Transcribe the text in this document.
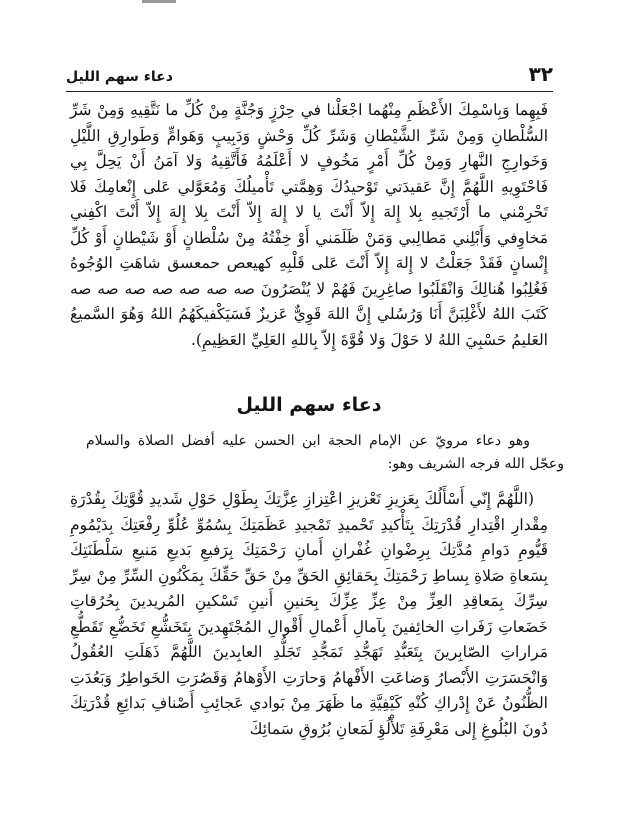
٣٢
دعاء سهم الليل
فَبِهِما وَبِاسْمِكَ الأَعْظَمِ مِنْهُما اجْعَلْنا في حِرْزٍ وَجُنَّةٍ مِنْ كُلِّ ما نَتَّقِيهِ وَمِنْ شَرِّ السُّلْطانِ وَمِنْ شَرِّ الشَّيْطانِ وَشَرِّ كُلِّ وَحْشٍ وَدَبِيبٍ وَهَوامٍّ وَطَوارِقِ اللَّيْلِ وَخَوارِجِ النَّهارِ وَمِنْ كُلِّ أَمْرٍ مَخُوفٍ لا أَعْلَمُهُ فَأَتَّقِيهُ وَلا آمَنُ أَنْ يَحِلَّ بِي فَاحْتَوِيهِ اللَّهُمَّ إِنَّ عَقيدَتي تَوْحيدُكَ وَهِمَّتي تَأْميلُكَ وَمُعَوَّلي عَلى إِنْعامِكَ فَلا تَحْرِمْني ما أَرْتَجيهِ بِلا إِلهَ إِلاّ أَنْتَ يا لا إِلهَ إِلاّ أَنْتَ بِلا إِلهَ إِلاّ أَنْتَ اكْفِني مَخاوِفي وَأَبْلِني مَطالِبي وَمَنْ ظَلَمَني أَوْ خِفْتُهُ مِنْ سُلْطانٍ أَوْ شَيْطانٍ أَوْ كُلِّ إِنْسانٍ فَقَدْ جَعَلْتُ لا إِلهَ إِلاّ أَنْتَ عَلى قَلْبِهِ كهيعص حمعسق شاهَتِ الوُجُوهُ فَغُلِبُوا هُنالِكَ وَانْقَلَبُوا صاغِرِينَ فَهُمْ لا يُنْصَرُونَ صه صه صه صه صه صه صه كَتَبَ اللهُ لأَغْلِبَنَّ أَنَا وَرُسُلي إِنَّ اللهَ قَوِيٌّ عَزيزٌ فَسَيَكْفيكَهُمُ اللهُ وَهُوَ السَّميعُ العَليمُ حَسْبِيَ اللهُ لا حَوْلَ وَلا قُوَّةَ إِلاّ بِاللهِ العَلِيِّ العَظِيمِ).
دعاء سهم الليل
وهو دعاء مرويّ عن الإمام الحجة ابن الحسن عليه أفضل الصلاة والسلام وعجّل الله فرجه الشريف وهو:
(اللَّهُمَّ إِنّي أَسْأَلُكَ بِعَزيزِ تَعْزيزِ اعْتِزازِ عِزَّتِكَ بِطَوْلِ حَوْلِ شَديدِ قُوَّتِكَ بِقُدْرَةِ مِقْدارِ اقْتِدارِ قُدْرَتِكَ بِتَأْكيدِ تَحْميدِ تَمْجيدِ عَظَمَتِكَ بِسُمُوِّ عُلُوِّ رِفْعَتِكَ بِدَيْمُومِ قَيُّومِ دَوامِ مُدَّتِكَ بِرِضْوانِ غُفْرانِ أَمانِ رَحْمَتِكَ بِرَفيعِ بَديعِ مَنيعِ سَلْطَنَتِكَ بِسَعاةِ صَلاةِ بِساطِ رَحْمَتِكَ بِحَقائِقِ الحَقِّ مِنْ حَقِّ حَقِّكَ بِمَكْنُونِ السِّرِّ مِنْ سِرِّ سِرِّكَ بِمَعاقِدِ العِزِّ مِنْ عِزِّ عِزِّكَ بِحَنينِ أَنينِ تَسْكينِ المُريدينَ بِحُرُقاتِ خَضَعاتِ زَفَراتِ الخائِفينَ بِآمالِ أَعْمالِ أَقْوالِ المُجْتَهِدينَ بِتَخَشُّعِ تَخَضُّعِ تَقَطُّعِ مَراراتِ الصّابِرينَ بِتَعَبُّدِ تَهَجُّدِ تَمَجُّدِ تَجَلُّدِ العابِدينَ اللَّهُمَّ ذَهَلَتِ العُقُولُ وَانْحَسَرَتِ الأَبْصارُ وَضاعَتِ الأَفْهامُ وَحارَتِ الأَوْهامُ وَقَصُرَتِ الخَواطِرُ وَبَعُدَتِ الظُّنُونُ عَنْ إِدْراكِ كُنْهِ كَيْفِيَّةِ ما ظَهَرَ مِنْ بَوادي عَجائِبِ أَصْنافِ بَدائِعِ قُدْرَتِكَ دُونَ البُلُوغِ إِلى مَعْرِفَةِ تَلأْلُؤِ لَمَعانِ بُرُوقِ سَمائِكَ
